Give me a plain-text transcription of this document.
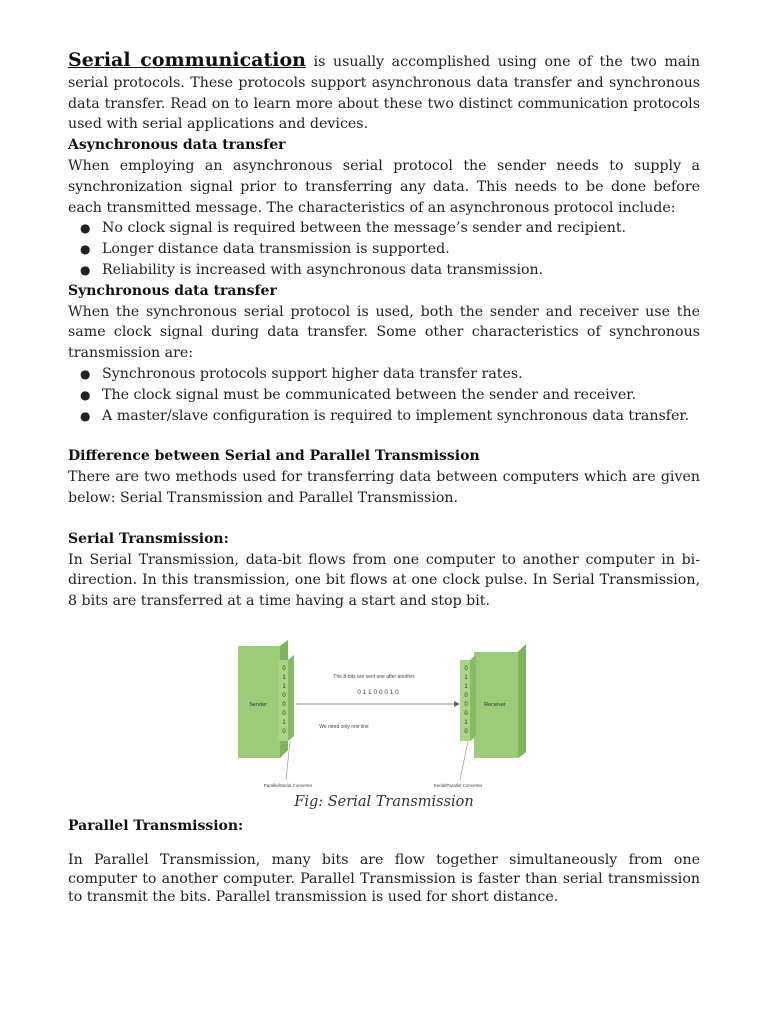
Serial communication is usually accomplished using one of the two main serial protocols. These protocols support asynchronous data transfer and synchronous data transfer. Read on to learn more about these two distinct communication protocols used with serial applications and devices.

Asynchronous data transfer

When employing an asynchronous serial protocol the sender needs to supply a synchronization signal prior to transferring any data. This needs to be done before each transmitted message. The characteristics of an asynchronous protocol include:

● No clock signal is required between the message’s sender and recipient.
● Longer distance data transmission is supported.
● Reliability is increased with asynchronous data transmission.
Synchronous data transfer

When the synchronous serial protocol is used, both the sender and receiver use the same clock signal during data transfer. Some other characteristics of synchronous transmission are:

● Synchronous protocols support higher data transfer rates.
● The clock signal must be communicated between the sender and receiver.
● A master/slave configuration is required to implement synchronous data transfer.
Difference between Serial and Parallel Transmission

There are two methods used for transferring data between computers which are given below: Serial Transmission and Parallel Transmission.

Serial Transmission:

In Serial Transmission, data-bit flows from one computer to another computer in bi-direction. In this transmission, one bit flows at one clock pulse. In Serial Transmission, 8 bits are transferred at a time having a start and stop bit.

Sender
0
1
1
0
0
0
1
0
Receiver
0
1
1
0
0
0
1
0
The 8-bits are sent one after another
0 1 1 0 0 0 1 0
We need only one line
Parallel/Serial Converter	Serial/Parallel Converter
Fig: Serial Transmission
Parallel Transmission:

In Parallel Transmission, many bits are flow together simultaneously from one computer to another computer. Parallel Transmission is faster than serial transmission to transmit the bits. Parallel transmission is used for short distance.
